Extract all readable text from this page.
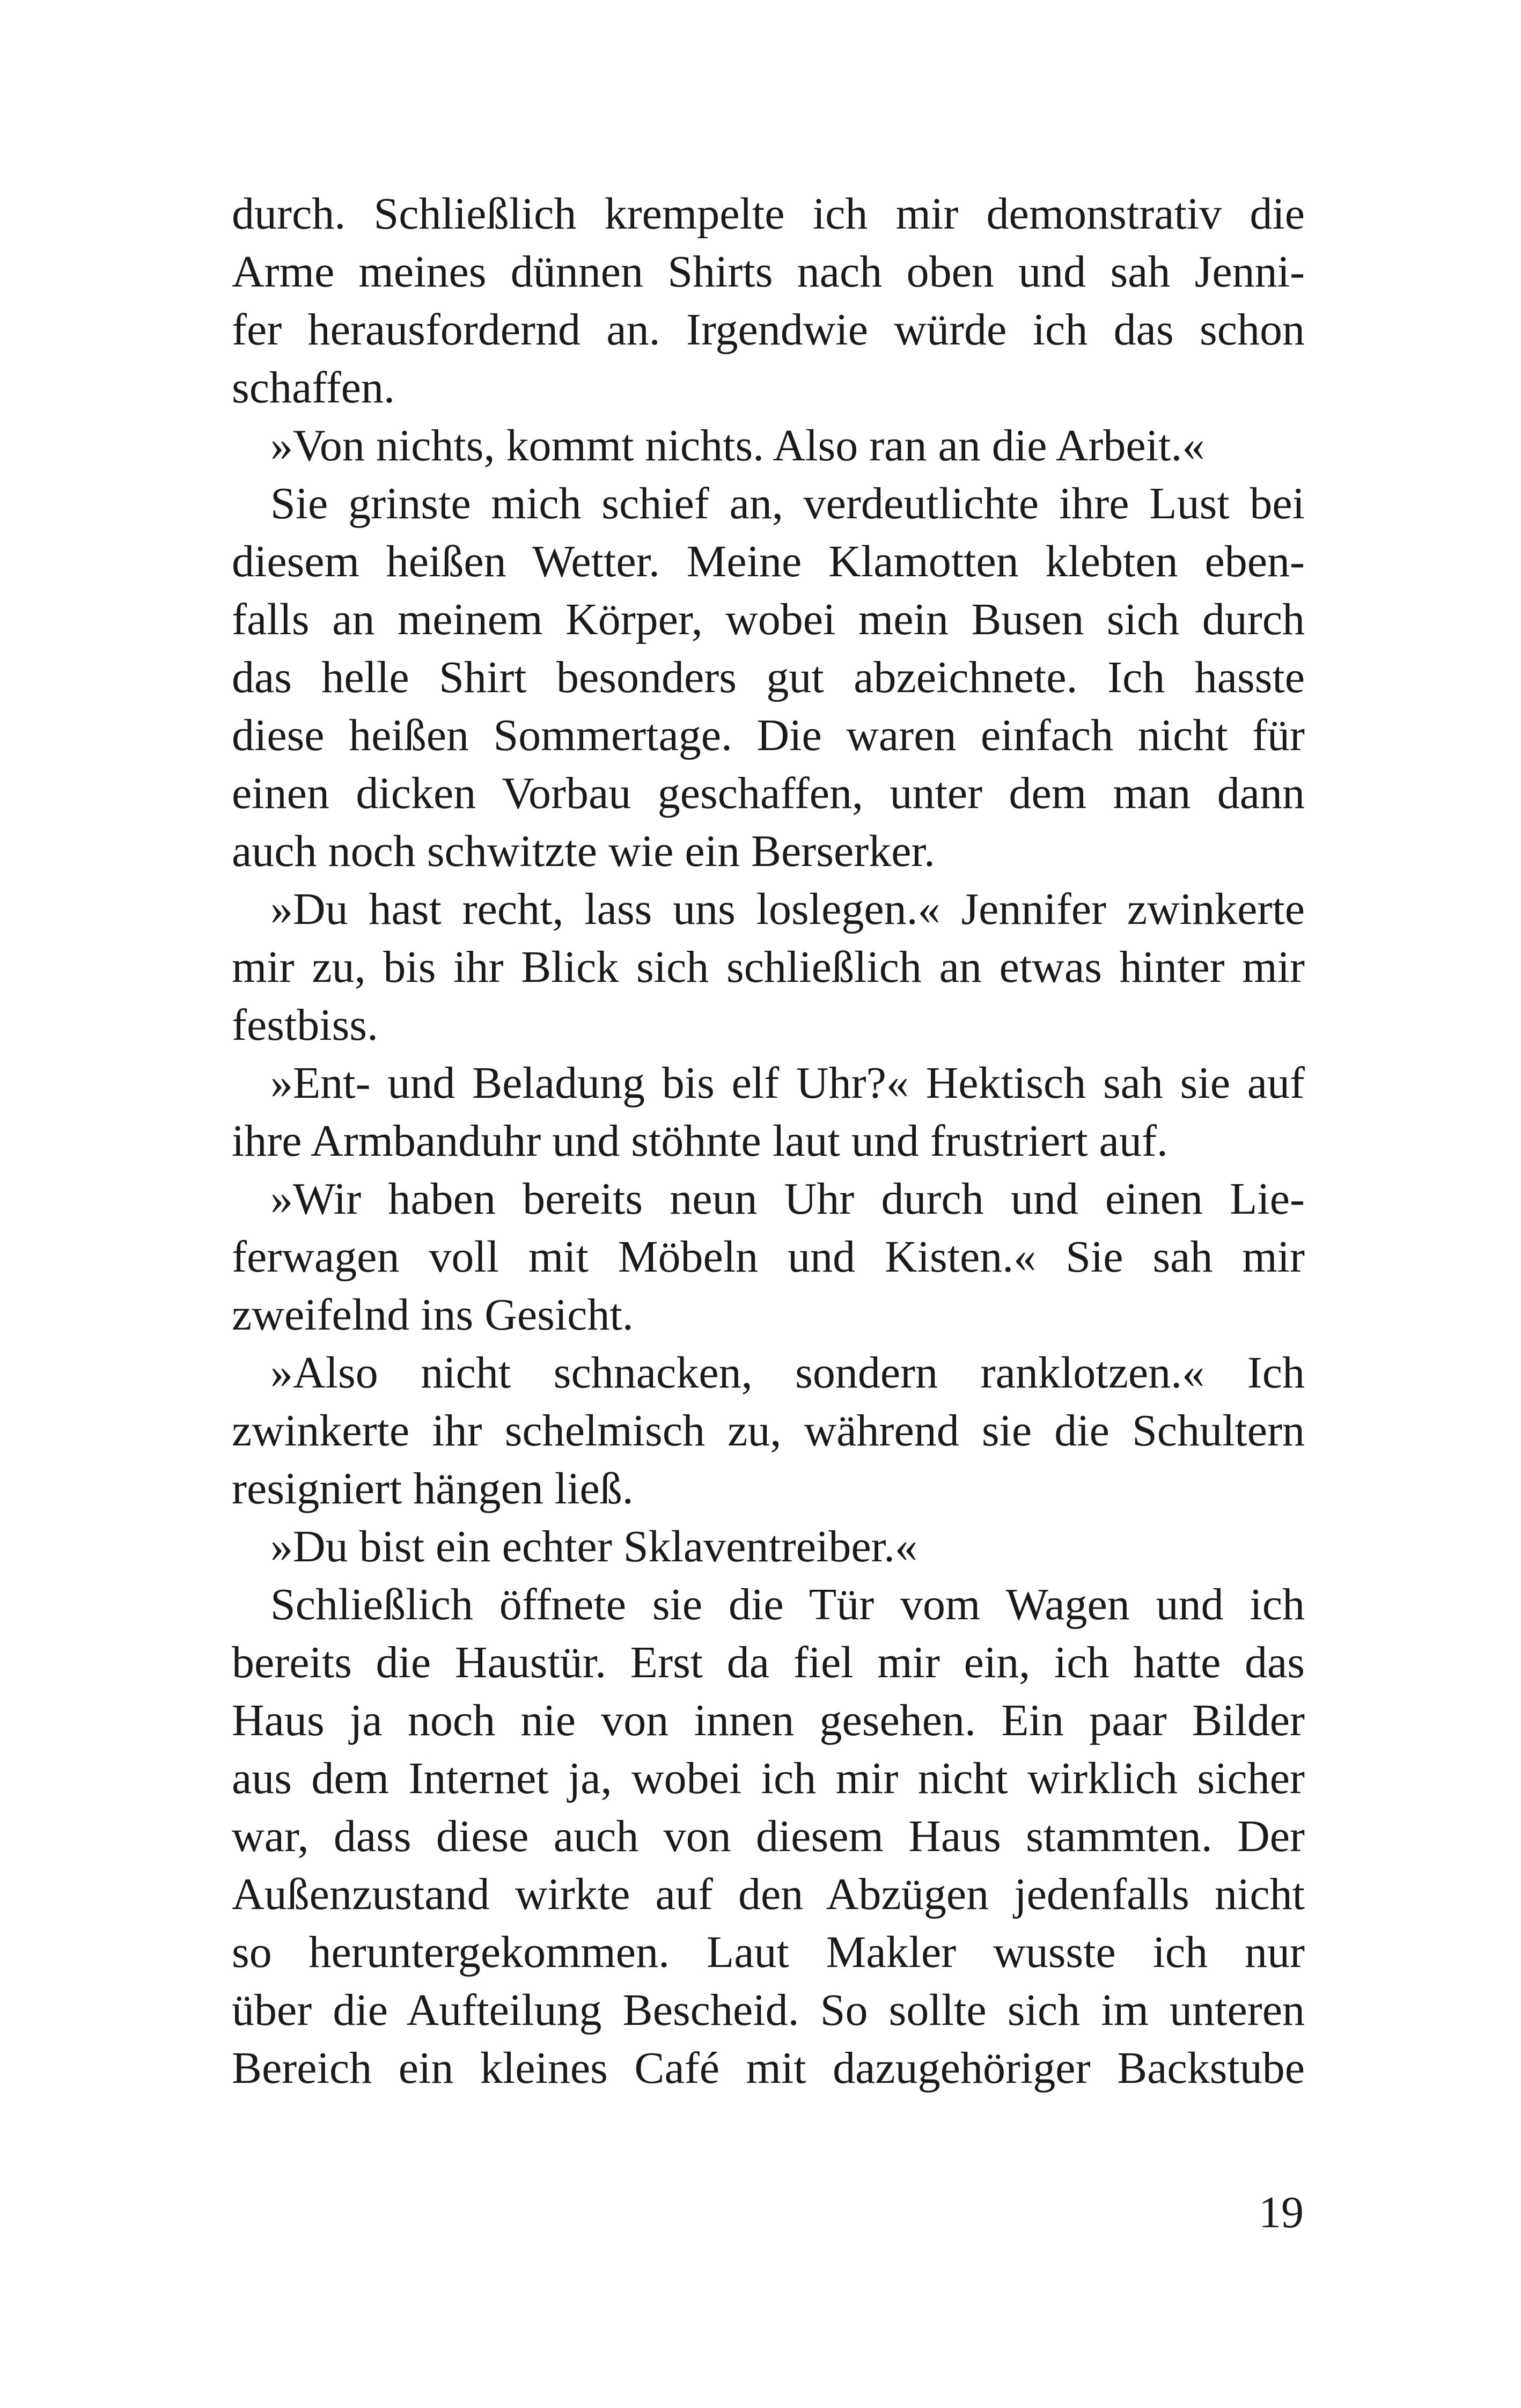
durch. Schließlich krempelte ich mir demonstrativ die
Arme meines dünnen Shirts nach oben und sah Jenni-
fer herausfordernd an. Irgendwie würde ich das schon
schaffen.
»Von nichts, kommt nichts. Also ran an die Arbeit.«
Sie grinste mich schief an, verdeutlichte ihre Lust bei
diesem heißen Wetter. Meine Klamotten klebten eben-
falls an meinem Körper, wobei mein Busen sich durch
das helle Shirt besonders gut abzeichnete. Ich hasste
diese heißen Sommertage. Die waren einfach nicht für
einen dicken Vorbau geschaffen, unter dem man dann
auch noch schwitzte wie ein Berserker.
»Du hast recht, lass uns loslegen.« Jennifer zwinkerte
mir zu, bis ihr Blick sich schließlich an etwas hinter mir
festbiss.
»Ent- und Beladung bis elf Uhr?« Hektisch sah sie auf
ihre Armbanduhr und stöhnte laut und frustriert auf.
»Wir haben bereits neun Uhr durch und einen Lie-
ferwagen voll mit Möbeln und Kisten.« Sie sah mir
zweifelnd ins Gesicht.
»Also nicht schnacken, sondern ranklotzen.« Ich
zwinkerte ihr schelmisch zu, während sie die Schultern
resigniert hängen ließ.
»Du bist ein echter Sklaventreiber.«
Schließlich öffnete sie die Tür vom Wagen und ich
bereits die Haustür. Erst da fiel mir ein, ich hatte das
Haus ja noch nie von innen gesehen. Ein paar Bilder
aus dem Internet ja, wobei ich mir nicht wirklich sicher
war, dass diese auch von diesem Haus stammten. Der
Außenzustand wirkte auf den Abzügen jedenfalls nicht
so heruntergekommen. Laut Makler wusste ich nur
über die Aufteilung Bescheid. So sollte sich im unteren
Bereich ein kleines Café mit dazugehöriger Backstube
19
